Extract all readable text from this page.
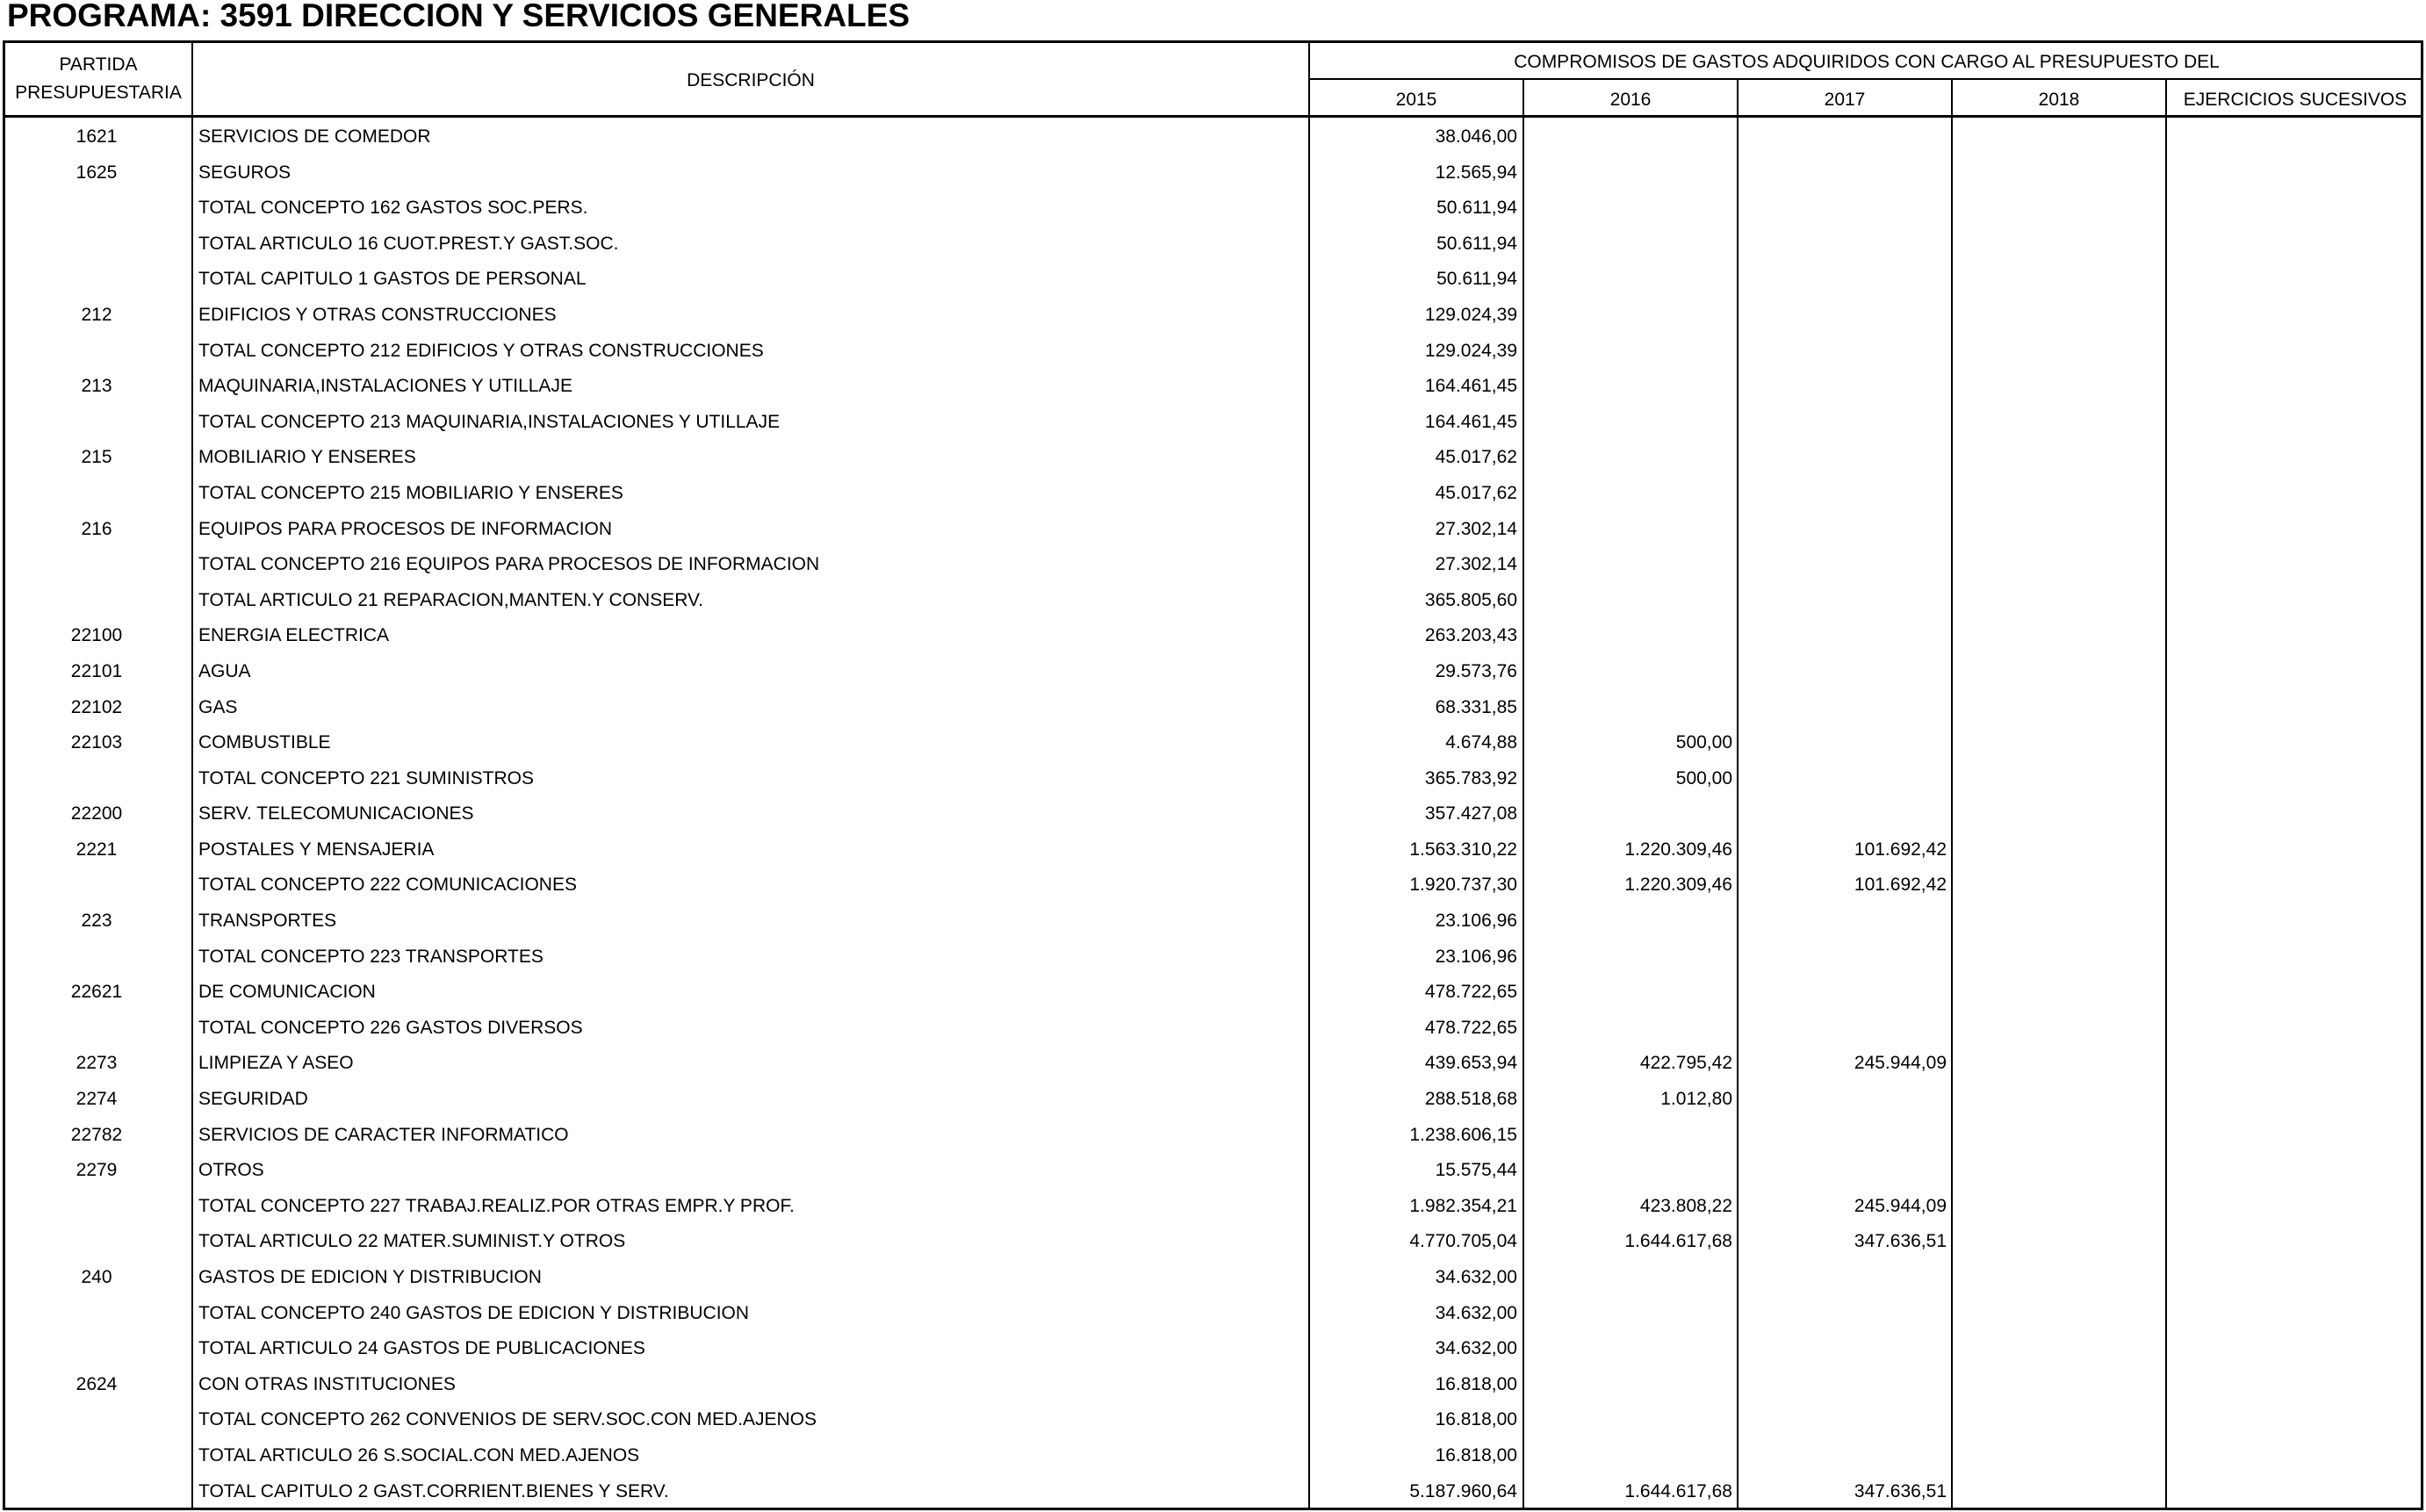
PROGRAMA: 3591 DIRECCION Y SERVICIOS GENERALES
PARTIDA
PRESUPUESTARIA
DESCRIPCIÓN
COMPROMISOS DE GASTOS ADQUIRIDOS CON CARGO AL PRESUPUESTO DEL
2015	2016	2017	2018	EJERCICIOS SUCESIVOS
1621	SERVICIOS DE COMEDOR	38.046,00
1625	SEGUROS	12.565,94
TOTAL CONCEPTO 162 GASTOS SOC.PERS.	50.611,94
TOTAL ARTICULO 16 CUOT.PREST.Y GAST.SOC.	50.611,94
TOTAL CAPITULO 1 GASTOS DE PERSONAL	50.611,94
212	EDIFICIOS Y OTRAS CONSTRUCCIONES	129.024,39
TOTAL CONCEPTO 212 EDIFICIOS Y OTRAS CONSTRUCCIONES	129.024,39
213	MAQUINARIA,INSTALACIONES Y UTILLAJE	164.461,45
TOTAL CONCEPTO 213 MAQUINARIA,INSTALACIONES Y UTILLAJE	164.461,45
215	MOBILIARIO Y ENSERES	45.017,62
TOTAL CONCEPTO 215 MOBILIARIO Y ENSERES	45.017,62
216	EQUIPOS PARA PROCESOS DE INFORMACION	27.302,14
TOTAL CONCEPTO 216 EQUIPOS PARA PROCESOS DE INFORMACION	27.302,14
TOTAL ARTICULO 21 REPARACION,MANTEN.Y CONSERV.	365.805,60
22100	ENERGIA ELECTRICA	263.203,43
22101	AGUA	29.573,76
22102	GAS	68.331,85
22103	COMBUSTIBLE	4.674,88	500,00
TOTAL CONCEPTO 221 SUMINISTROS	365.783,92	500,00
22200	SERV. TELECOMUNICACIONES	357.427,08
2221	POSTALES Y MENSAJERIA	1.563.310,22	1.220.309,46	101.692,42
TOTAL CONCEPTO 222 COMUNICACIONES	1.920.737,30	1.220.309,46	101.692,42
223	TRANSPORTES	23.106,96
TOTAL CONCEPTO 223 TRANSPORTES	23.106,96
22621	DE COMUNICACION	478.722,65
TOTAL CONCEPTO 226 GASTOS DIVERSOS	478.722,65
2273	LIMPIEZA Y ASEO	439.653,94	422.795,42	245.944,09
2274	SEGURIDAD	288.518,68	1.012,80
22782	SERVICIOS DE CARACTER INFORMATICO	1.238.606,15
2279	OTROS	15.575,44
TOTAL CONCEPTO 227 TRABAJ.REALIZ.POR OTRAS EMPR.Y PROF.	1.982.354,21	423.808,22	245.944,09
TOTAL ARTICULO 22 MATER.SUMINIST.Y OTROS	4.770.705,04	1.644.617,68	347.636,51
240	GASTOS DE EDICION Y DISTRIBUCION	34.632,00
TOTAL CONCEPTO 240 GASTOS DE EDICION Y DISTRIBUCION	34.632,00
TOTAL ARTICULO 24 GASTOS DE PUBLICACIONES	34.632,00
2624	CON OTRAS INSTITUCIONES	16.818,00
TOTAL CONCEPTO 262 CONVENIOS DE SERV.SOC.CON MED.AJENOS	16.818,00
TOTAL ARTICULO 26 S.SOCIAL.CON MED.AJENOS	16.818,00
TOTAL CAPITULO 2 GAST.CORRIENT.BIENES Y SERV.	5.187.960,64	1.644.617,68	347.636,51
